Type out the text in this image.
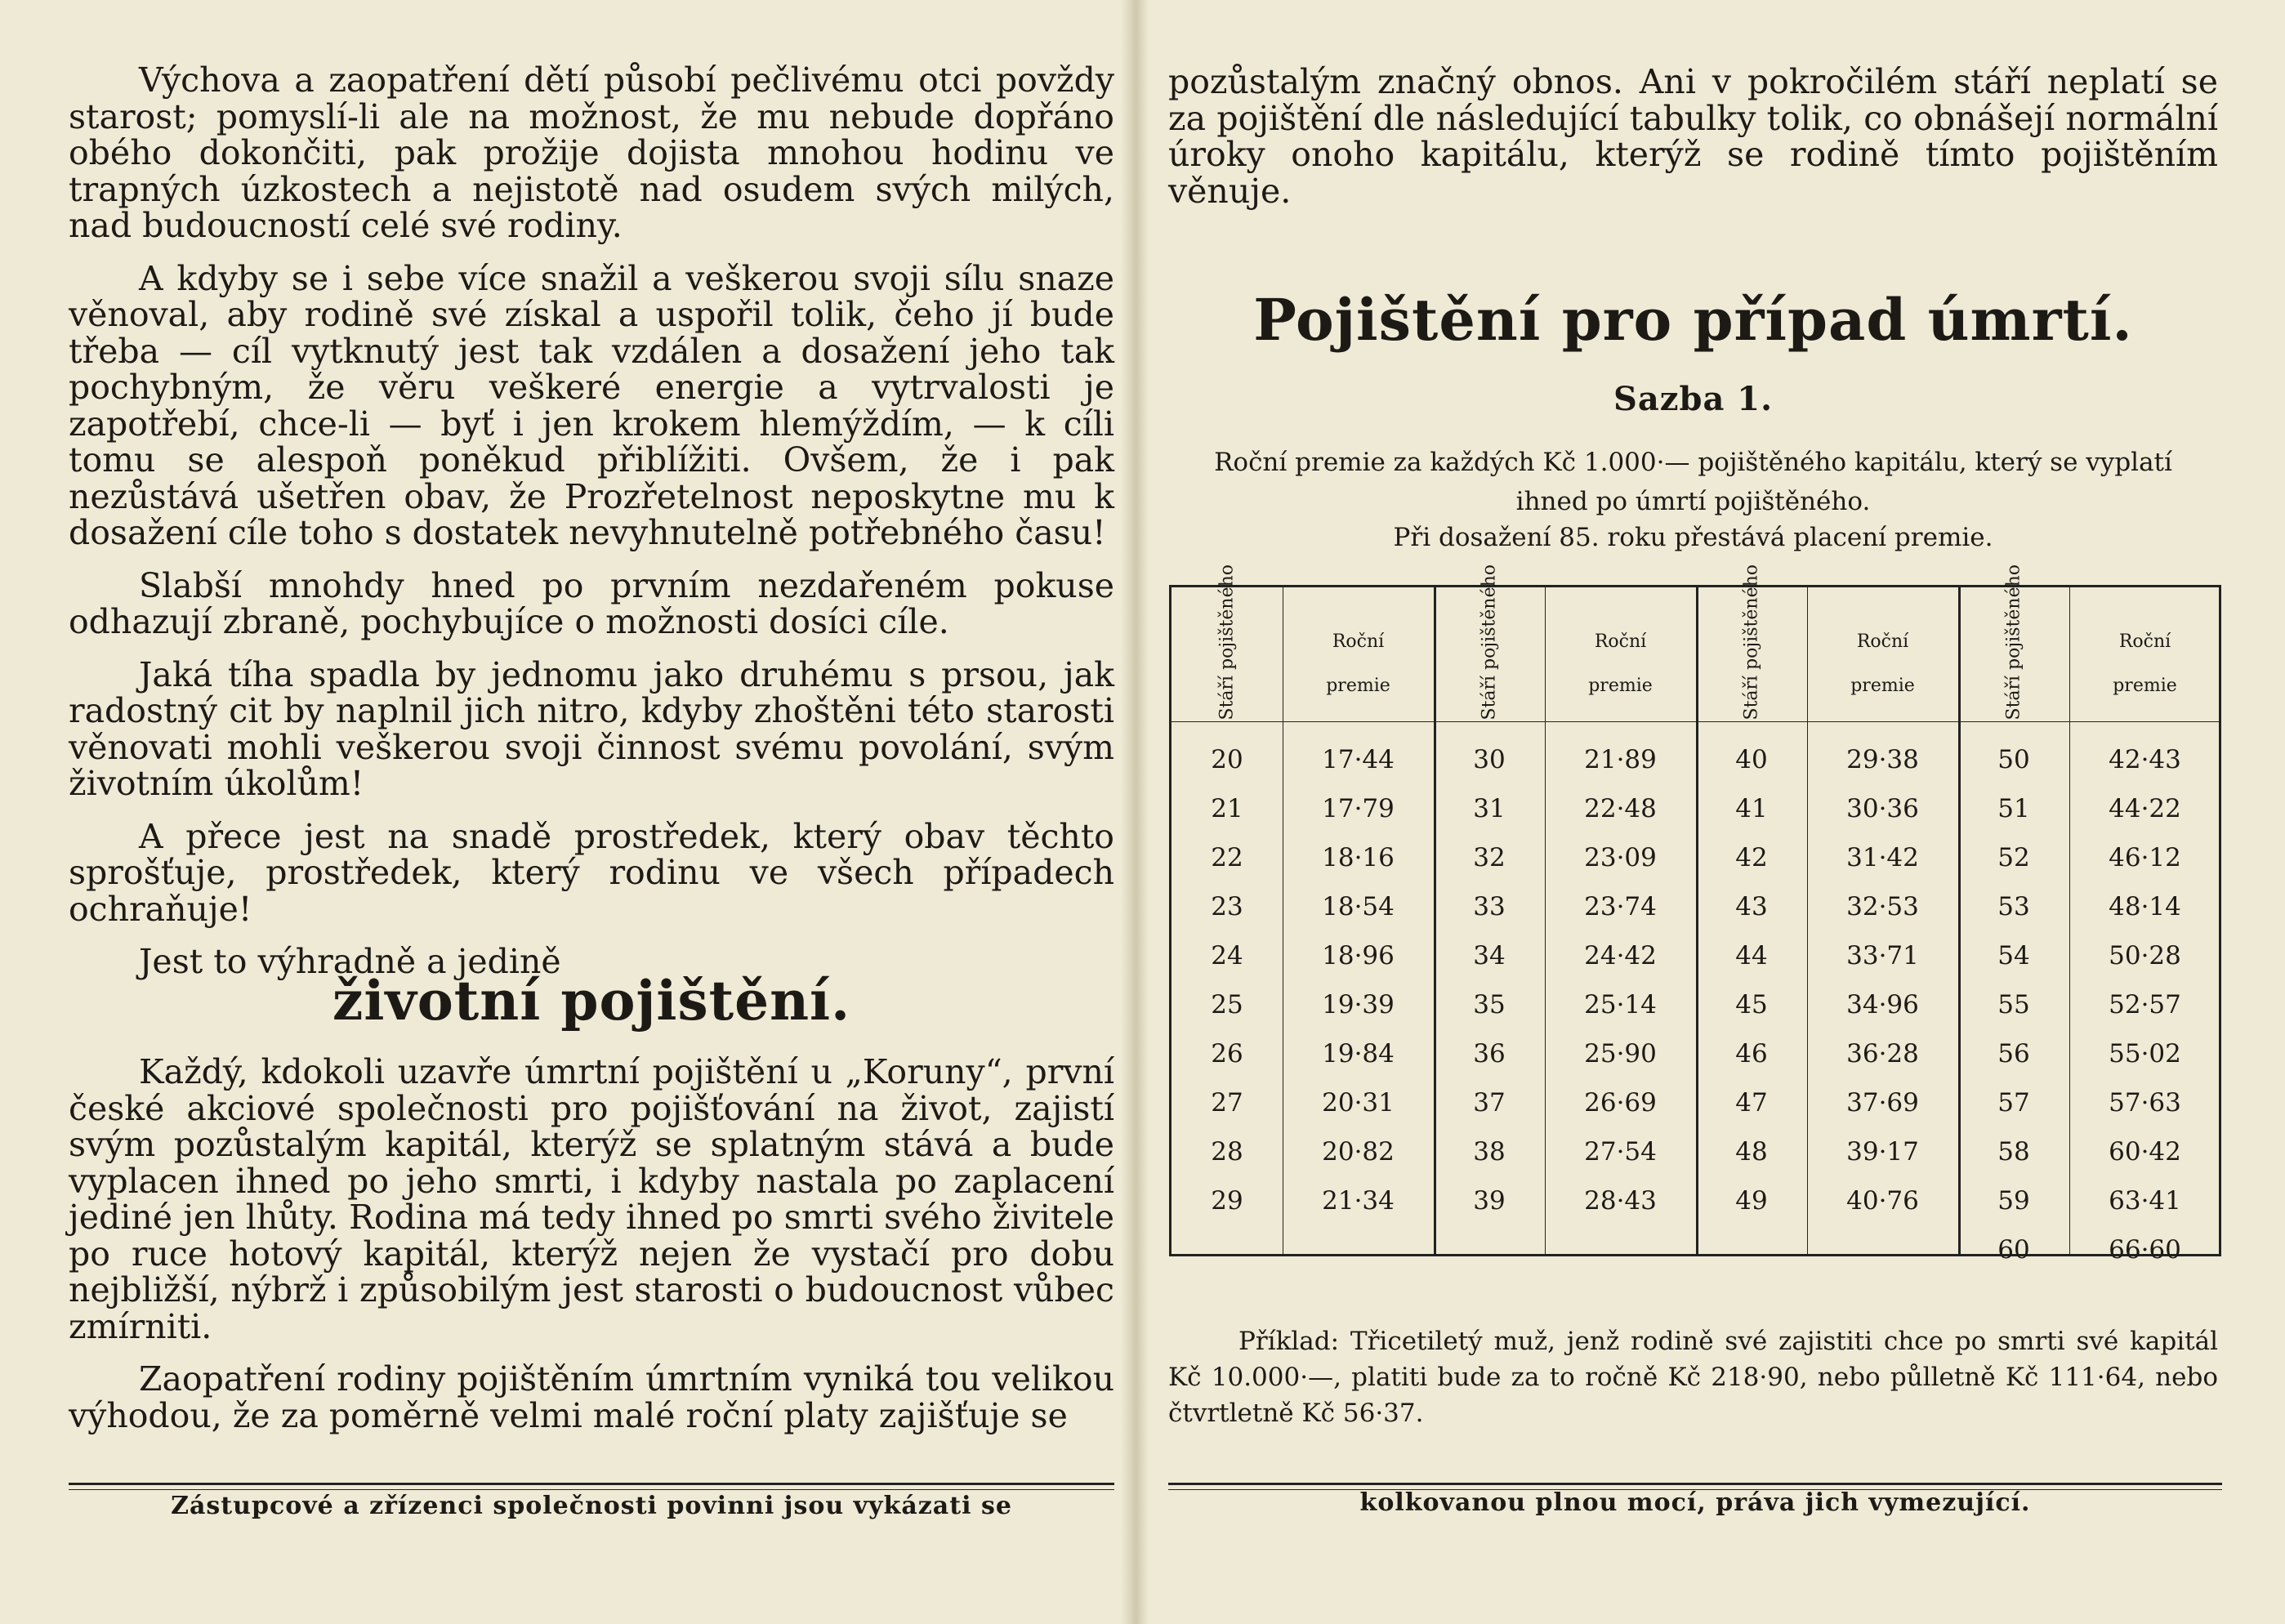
Výchova a zaopatření dětí působí pečlivému otci povždy starost; pomyslí-li ale na možnost, že mu nebude dopřáno obého dokončiti, pak prožije dojista mnohou hodinu ve trapných úzkostech a nejistotě nad osudem svých milých, nad budoucností celé své rodiny.

A kdyby se i sebe více snažil a veškerou svoji sílu snaze věnoval, aby rodině své získal a uspořil tolik, čeho jí bude třeba — cíl vytknutý jest tak vzdálen a dosažení jeho tak pochybným, že věru veškeré energie a vytrvalosti je zapotřebí, chce-li — byť i jen krokem hlemýždím, — k cíli tomu se alespoň poněkud přiblížiti. Ovšem, že i pak nezůstává ušetřen obav, že Prozřetelnost neposkytne mu k dosažení cíle toho s dostatek nevyhnutelně potřebného času!

Slabší mnohdy hned po prvním nezdařeném pokuse odhazují zbraně, pochybujíce o možnosti dosíci cíle.

Jaká tíha spadla by jednomu jako druhému s prsou, jak radostný cit by naplnil jich nitro, kdyby zhoštěni této starosti věnovati mohli veškerou svoji činnost svému povolání, svým životním úkolům!

A přece jest na snadě prostředek, který obav těchto sprošťuje, prostředek, který rodinu ve všech případech ochraňuje!

Jest to výhradně a jedině

životní pojištění.

Každý, kdokoli uzavře úmrtní pojištění u „Koruny“, první české akciové společnosti pro pojišťování na život, zajistí svým pozůstalým kapitál, kterýž se splatným stává a bude vyplacen ihned po jeho smrti, i kdyby nastala po zaplacení jediné jen lhůty. Rodina má tedy ihned po smrti svého živitele po ruce hotový kapitál, kterýž nejen že vystačí pro dobu nejbližší, nýbrž i způsobilým jest starosti o budoucnost vůbec zmírniti.

Zaopatření rodiny pojištěním úmrtním vyniká tou velikou výhodou, že za poměrně velmi malé roční platy zajišťuje se

Zástupcové a zřízenci společnosti povinni jsou vykázati se

pozůstalým značný obnos. Ani v pokročilém stáří neplatí se za pojištění dle následující tabulky tolik, co obnášejí normální úroky onoho kapitálu, kterýž se rodině tímto pojištěním věnuje.

Pojištění pro případ úmrtí.
Sazba 1.
Roční premie za každých Kč 1.000·— pojištěného kapitálu, který se vyplatí
ihned po úmrtí pojištěného.
Při dosažení 85. roku přestává placení premie.
Stáří pojištěného	Roční
premie
20	17·44
21	17·79
22	18·16
23	18·54
24	18·96
25	19·39
26	19·84
27	20·31
28	20·82
29	21·34
Stáří pojištěného	Roční
premie
30	21·89
31	22·48
32	23·09
33	23·74
34	24·42
35	25·14
36	25·90
37	26·69
38	27·54
39	28·43
Stáří pojištěného	Roční
premie
40	29·38
41	30·36
42	31·42
43	32·53
44	33·71
45	34·96
46	36·28
47	37·69
48	39·17
49	40·76
Stáří pojištěného	Roční
premie
50	42·43
51	44·22
52	46·12
53	48·14
54	50·28
55	52·57
56	55·02
57	57·63
58	60·42
59	63·41
60	66·60

Příklad: Třicetiletý muž, jenž rodině své zajistiti chce po smrti své kapitál Kč 10.000·—, platiti bude za to ročně Kč 218·90, nebo půlletně Kč 111·64, nebo čtvrtletně Kč 56·37.

kolkovanou plnou mocí, práva jich vymezující.
